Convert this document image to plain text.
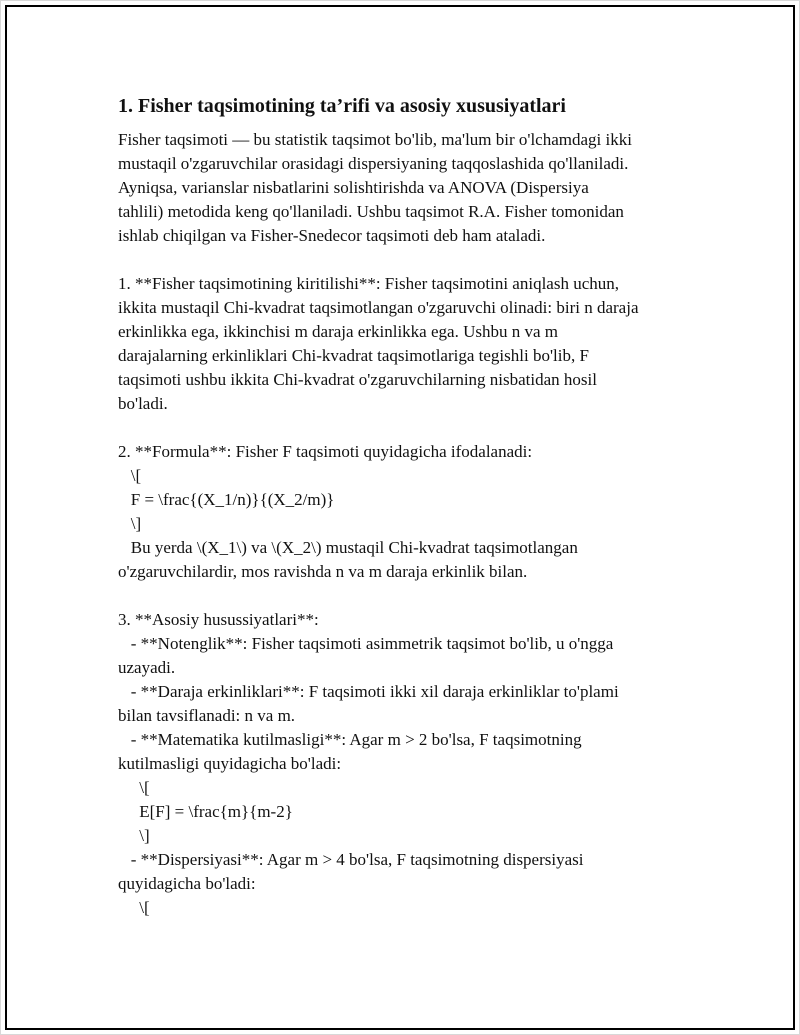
1. Fisher taqsimotining ta’rifi va asosiy xususiyatlari
Fisher taqsimoti — bu statistik taqsimot bo'lib, ma'lum bir o'lchamdagi ikki
mustaqil o'zgaruvchilar orasidagi dispersiyaning taqqoslashida qo'llaniladi.
Ayniqsa, varianslar nisbatlarini solishtirishda va ANOVA (Dispersiya
tahlili) metodida keng qo'llaniladi. Ushbu taqsimot R.A. Fisher tomonidan
ishlab chiqilgan va Fisher-Snedecor taqsimoti deb ham ataladi.
1. **Fisher taqsimotining kiritilishi**: Fisher taqsimotini aniqlash uchun,
ikkita mustaqil Chi-kvadrat taqsimotlangan o'zgaruvchi olinadi: biri n daraja
erkinlikka ega, ikkinchisi m daraja erkinlikka ega. Ushbu n va m
darajalarning erkinliklari Chi-kvadrat taqsimotlariga tegishli bo'lib, F
taqsimoti ushbu ikkita Chi-kvadrat o'zgaruvchilarning nisbatidan hosil
bo'ladi.
2. **Formula**: Fisher F taqsimoti quyidagicha ifodalanadi:
\[
F = \frac{(X_1/n)}{(X_2/m)}
\]
Bu yerda \(X_1\) va \(X_2\) mustaqil Chi-kvadrat taqsimotlangan
o'zgaruvchilardir, mos ravishda n va m daraja erkinlik bilan.
3. **Asosiy husussiyatlari**:
- **Notenglik**: Fisher taqsimoti asimmetrik taqsimot bo'lib, u o'ngga
uzayadi.
- **Daraja erkinliklari**: F taqsimoti ikki xil daraja erkinliklar to'plami
bilan tavsiflanadi: n va m.
- **Matematika kutilmasligi**: Agar m > 2 bo'lsa, F taqsimotning
kutilmasligi quyidagicha bo'ladi:
\[
E[F] = \frac{m}{m-2}
\]
- **Dispersiyasi**: Agar m > 4 bo'lsa, F taqsimotning dispersiyasi
quyidagicha bo'ladi:
\[
